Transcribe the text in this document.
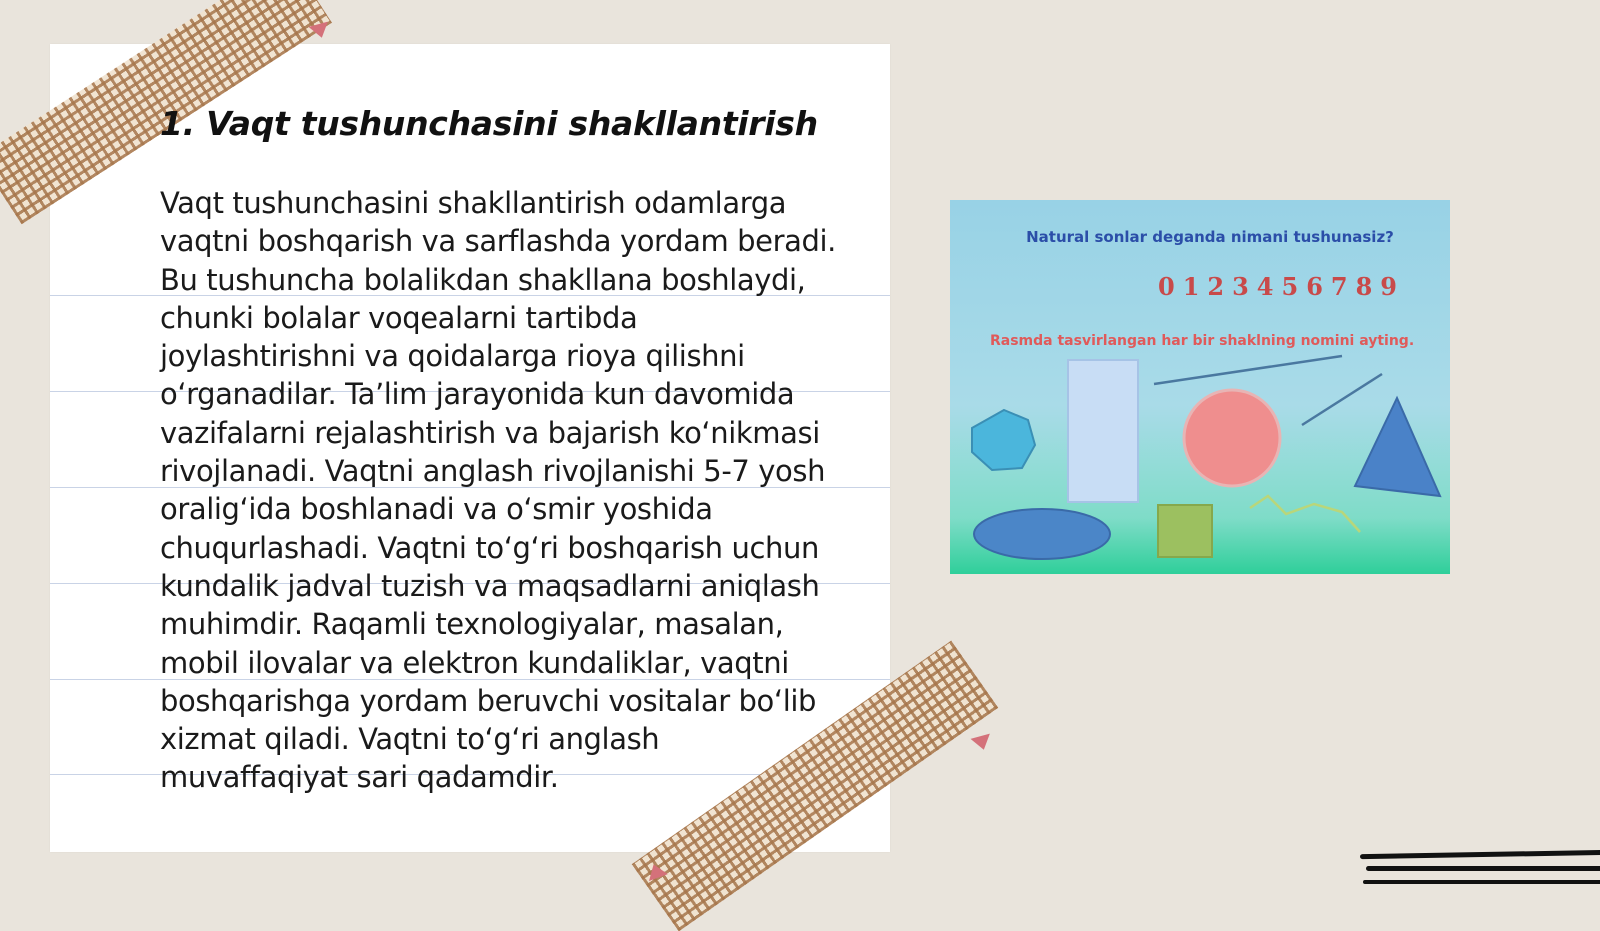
1. Vaqt tushunchasini shakllantirish

Vaqt tushunchasini shakllantirish odamlarga vaqtni boshqarish va sarflashda yordam beradi. Bu tushuncha bolalikdan shakllana boshlaydi, chunki bolalar voqealarni tartibda joylashtirishni va qoidalarga rioya qilishni o‘rganadilar. Ta’lim jarayonida kun davomida vazifalarni rejalashtirish va bajarish ko‘nikmasi rivojlanadi. Vaqtni anglash rivojlanishi 5-7 yosh oralig‘ida boshlanadi va o‘smir yoshida chuqurlashadi. Vaqtni to‘g‘ri boshqarish uchun kundalik jadval tuzish va maqsadlarni aniqlash muhimdir. Raqamli texnologiyalar, masalan, mobil ilovalar va elektron kundaliklar, vaqtni boshqarishga yordam beruvchi vositalar bo‘lib xizmat qiladi. Vaqtni to‘g‘ri anglash muvaffaqiyat sari qadamdir.

Natural sonlar deganda nimani tushunasiz?
0123456789
Rasmda tasvirlangan har bir shaklning nomini ayting.
